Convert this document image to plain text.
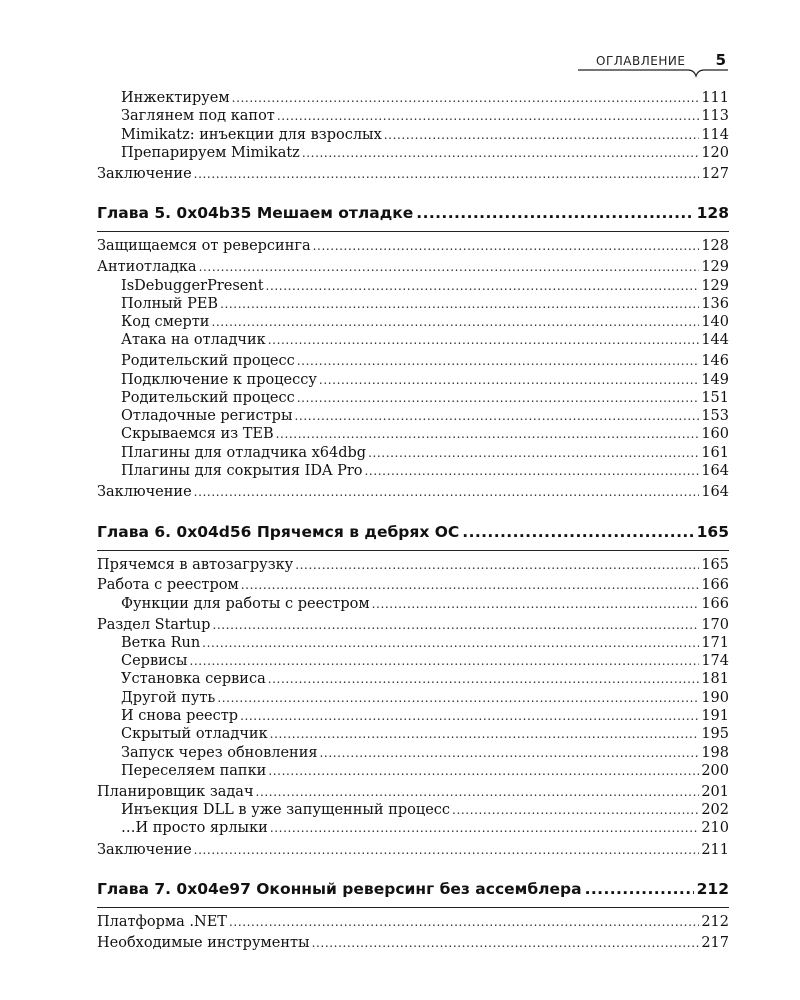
ОГЛАВЛЕНИЕ 5
Инжектируем .....	111
Заглянем под капот .....	113
Mimikatz: инъекции для взрослых .....	114
Препарируем Mimikatz .....	120
Заключение .....	127
Глава 5. 0x04b35 Мешаем отладке .....	128
Защищаемся от реверсинга .....	128
Антиотладка .....	129
IsDebuggerPresent .....	129
Полный PEB .....	136
Код смерти .....	140
Атака на отладчик .....	144
Родительский процесс .....	146
Подключение к процессу .....	149
Родительский процесс .....	151
Отладочные регистры .....	153
Скрываемся из TEB .....	160
Плагины для отладчика x64dbg .....	161
Плагины для сокрытия IDA Pro .....	164
Заключение .....	164
Глава 6. 0x04d56 Прячемся в дебрях ОС .....	165
Прячемся в автозагрузку .....	165
Работа с реестром .....	166
Функции для работы с реестром .....	166
Раздел Startup .....	170
Ветка Run .....	171
Сервисы .....	174
Установка сервиса .....	181
Другой путь .....	190
И снова реестр .....	191
Скрытый отладчик .....	195
Запуск через обновления .....	198
Переселяем папки .....	200
Планировщик задач .....	201
Инъекция DLL в уже запущенный процесс .....	202
…И просто ярлыки .....	210
Заключение .....	211
Глава 7. 0x04e97 Оконный реверсинг без ассемблера .....	212
Платформа .NET .....	212
Необходимые инструменты .....	217
